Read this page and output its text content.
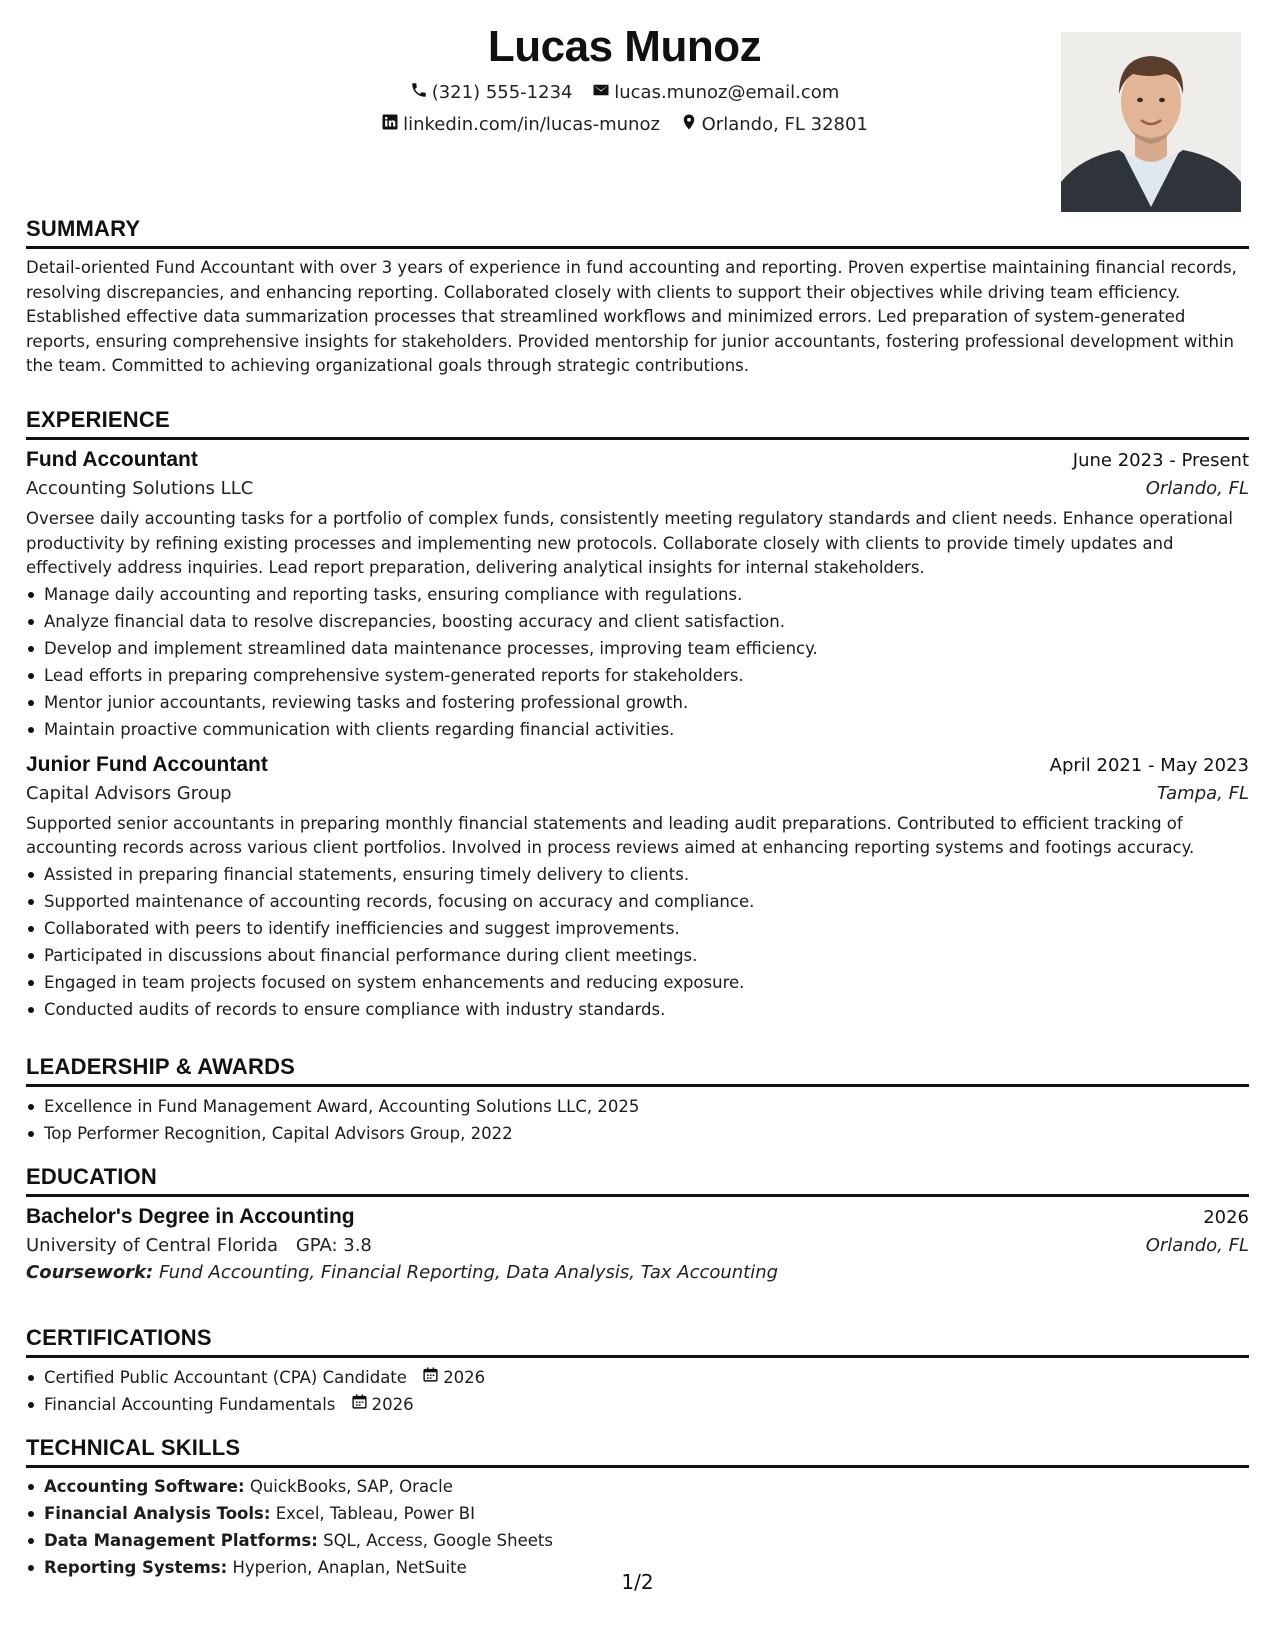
Lucas Munoz
(321) 555-1234
lucas.munoz@email.com
linkedin.com/in/lucas-munoz
Orlando, FL 32801
SUMMARY
Detail-oriented Fund Accountant with over 3 years of experience in fund accounting and reporting. Proven expertise maintaining financial records, resolving discrepancies, and enhancing reporting. Collaborated closely with clients to support their objectives while driving team efficiency. Established effective data summarization processes that streamlined workflows and minimized errors. Led preparation of system-generated reports, ensuring comprehensive insights for stakeholders. Provided mentorship for junior accountants, fostering professional development within the team. Committed to achieving organizational goals through strategic contributions.
EXPERIENCE
Fund Accountant	June 2023 - Present
Accounting Solutions LLC	Orlando, FL
Oversee daily accounting tasks for a portfolio of complex funds, consistently meeting regulatory standards and client needs. Enhance operational productivity by refining existing processes and implementing new protocols. Collaborate closely with clients to provide timely updates and effectively address inquiries. Lead report preparation, delivering analytical insights for internal stakeholders.
Manage daily accounting and reporting tasks, ensuring compliance with regulations.
Analyze financial data to resolve discrepancies, boosting accuracy and client satisfaction.
Develop and implement streamlined data maintenance processes, improving team efficiency.
Lead efforts in preparing comprehensive system-generated reports for stakeholders.
Mentor junior accountants, reviewing tasks and fostering professional growth.
Maintain proactive communication with clients regarding financial activities.
Junior Fund Accountant	April 2021 - May 2023
Capital Advisors Group	Tampa, FL
Supported senior accountants in preparing monthly financial statements and leading audit preparations. Contributed to efficient tracking of accounting records across various client portfolios. Involved in process reviews aimed at enhancing reporting systems and footings accuracy.
Assisted in preparing financial statements, ensuring timely delivery to clients.
Supported maintenance of accounting records, focusing on accuracy and compliance.
Collaborated with peers to identify inefficiencies and suggest improvements.
Participated in discussions about financial performance during client meetings.
Engaged in team projects focused on system enhancements and reducing exposure.
Conducted audits of records to ensure compliance with industry standards.
LEADERSHIP & AWARDS
Excellence in Fund Management Award, Accounting Solutions LLC, 2025
Top Performer Recognition, Capital Advisors Group, 2022
EDUCATION
Bachelor's Degree in Accounting	2026
University of Central Florida GPA: 3.8	Orlando, FL
Coursework: Fund Accounting, Financial Reporting, Data Analysis, Tax Accounting
CERTIFICATIONS
Certified Public Accountant (CPA) Candidate 2026
Financial Accounting Fundamentals 2026
TECHNICAL SKILLS
Accounting Software: QuickBooks, SAP, Oracle
Financial Analysis Tools: Excel, Tableau, Power BI
Data Management Platforms: SQL, Access, Google Sheets
Reporting Systems: Hyperion, Anaplan, NetSuite
1/2
